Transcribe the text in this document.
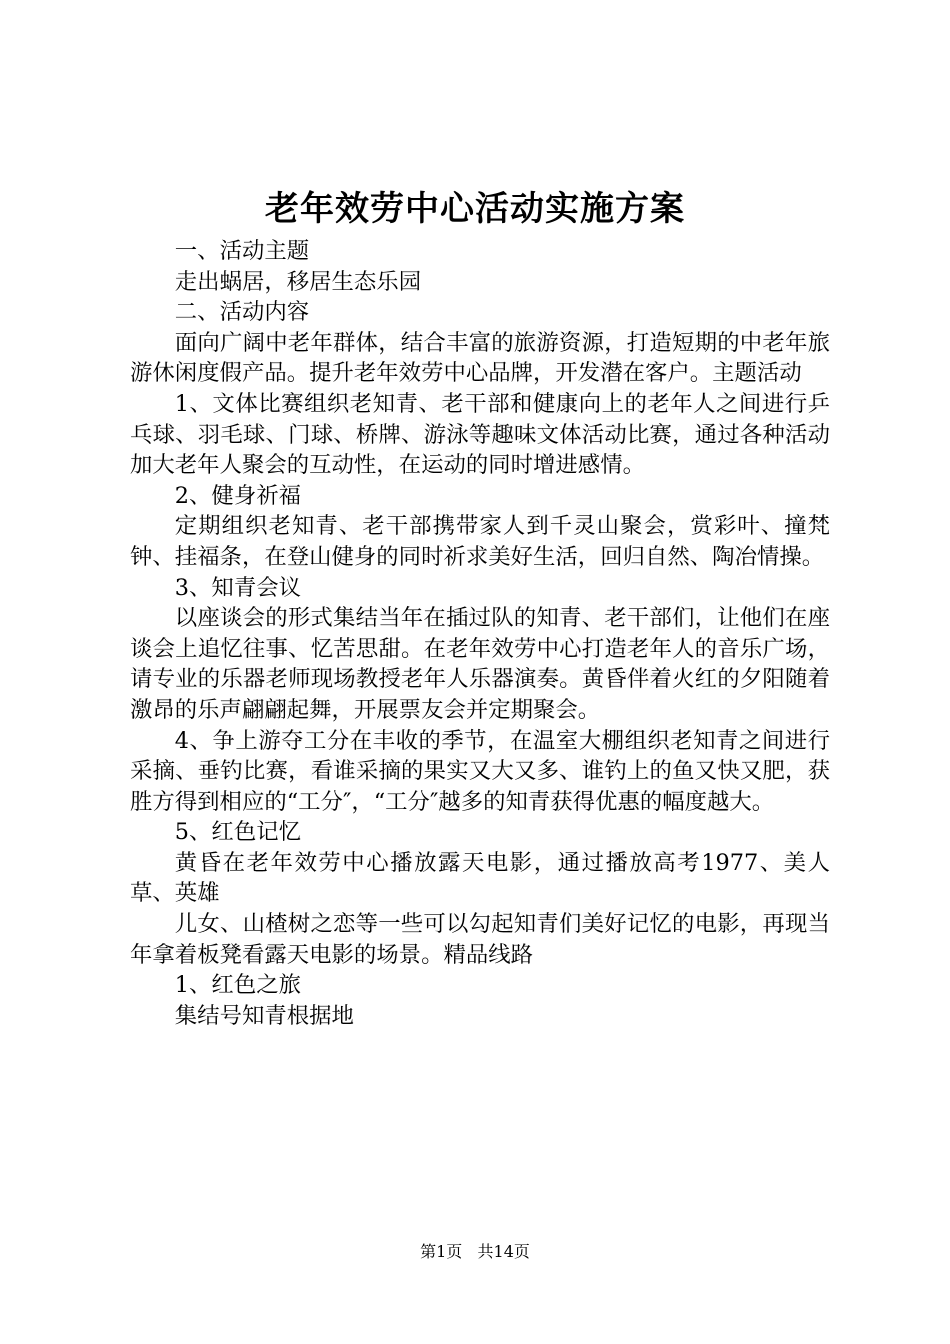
老年效劳中心活动实施方案

一、活动主题

走出蜗居，移居生态乐园

二、活动内容

面向广阔中老年群体，结合丰富的旅游资源，打造短期的中老年旅游休闲度假产品。提升老年效劳中心品牌，开发潜在客户。主题活动

1、文体比赛组织老知青、老干部和健康向上的老年人之间进行乒乓球、羽毛球、门球、桥牌、游泳等趣味文体活动比赛，通过各种活动加大老年人聚会的互动性，在运动的同时增进感情。

2、健身祈福

定期组织老知青、老干部携带家人到千灵山聚会，赏彩叶、撞梵钟、挂福条，在登山健身的同时祈求美好生活，回归自然、陶冶情操。

3、知青会议

以座谈会的形式集结当年在插过队的知青、老干部们，让他们在座谈会上追忆往事、忆苦思甜。在老年效劳中心打造老年人的音乐广场，请专业的乐器老师现场教授老年人乐器演奏。黄昏伴着火红的夕阳随着激昂的乐声翩翩起舞，开展票友会并定期聚会。

4、争上游夺工分在丰收的季节，在温室大棚组织老知青之间进行采摘、垂钓比赛，看谁采摘的果实又大又多、谁钓上的鱼又快又肥，获胜方得到相应的“工分″，“工分″越多的知青获得优惠的幅度越大。

5、红色记忆

黄昏在老年效劳中心播放露天电影，通过播放高考1977、美人草、英雄

儿女、山楂树之恋等一些可以勾起知青们美好记忆的电影，再现当年拿着板凳看露天电影的场景。精品线路

1、红色之旅

集结号知青根据地

第1页 共14页
